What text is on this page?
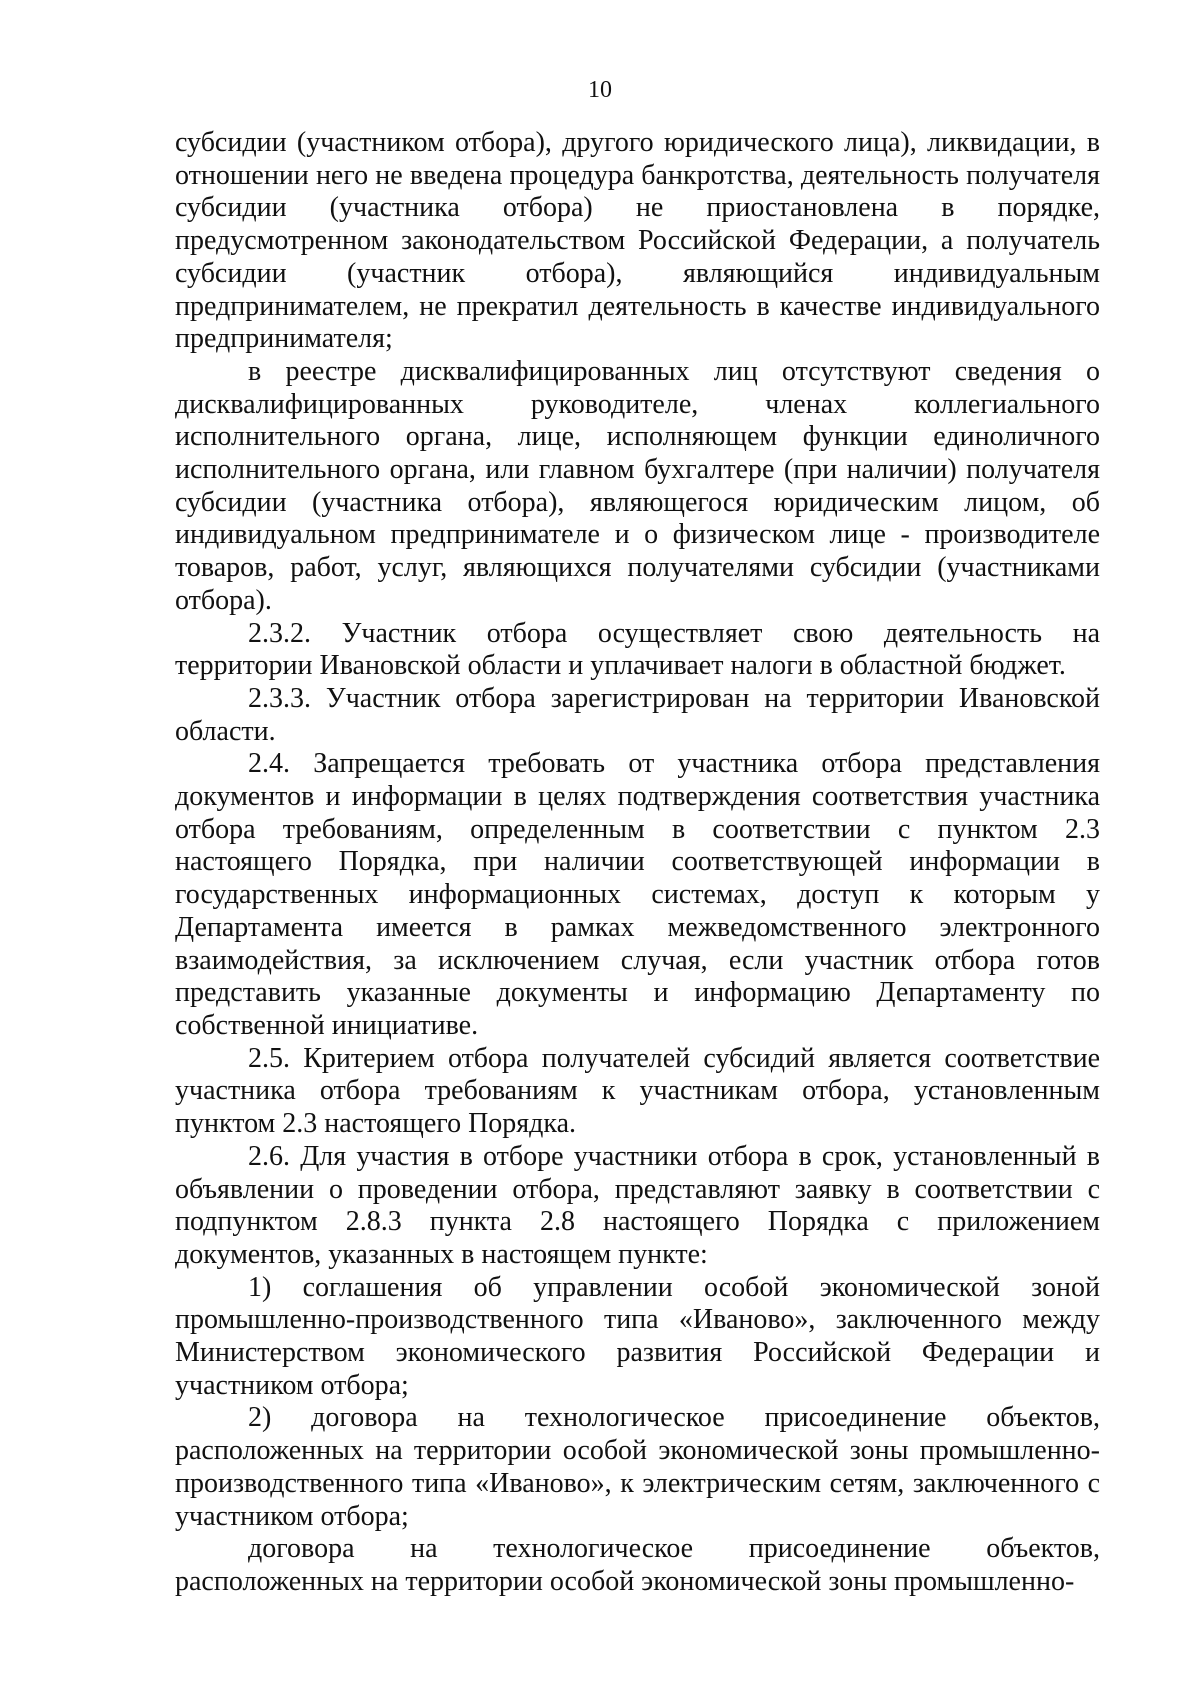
10

субсидии (участником отбора), другого юридического лица), ликвидации, в отношении него не введена процедура банкротства, деятельность получателя субсидии (участника отбора) не приостановлена в порядке, предусмотренном законодательством Российской Федерации, а получатель субсидии (участник отбора), являющийся индивидуальным предпринимателем, не прекратил деятельность в качестве индивидуального предпринимателя;

в реестре дисквалифицированных лиц отсутствуют сведения о дисквалифицированных руководителе, членах коллегиального исполнительного органа, лице, исполняющем функции единоличного исполнительного органа, или главном бухгалтере (при наличии) получателя субсидии (участника отбора), являющегося юридическим лицом, об индивидуальном предпринимателе и о физическом лице - производителе товаров, работ, услуг, являющихся получателями субсидии (участниками отбора).

2.3.2. Участник отбора осуществляет свою деятельность на территории Ивановской области и уплачивает налоги в областной бюджет.

2.3.3. Участник отбора зарегистрирован на территории Ивановской области.

2.4. Запрещается требовать от участника отбора представления документов и информации в целях подтверждения соответствия участника отбора требованиям, определенным в соответствии с пунктом 2.3 настоящего Порядка, при наличии соответствующей информации в государственных информационных системах, доступ к которым у Департамента имеется в рамках межведомственного электронного взаимодействия, за исключением случая, если участник отбора готов представить указанные документы и информацию Департаменту по собственной инициативе.

2.5. Критерием отбора получателей субсидий является соответствие участника отбора требованиям к участникам отбора, установленным пунктом 2.3 настоящего Порядка.

2.6. Для участия в отборе участники отбора в срок, установленный в объявлении о проведении отбора, представляют заявку в соответствии с подпунктом 2.8.3 пункта 2.8 настоящего Порядка с приложением документов, указанных в настоящем пункте:

1) соглашения об управлении особой экономической зоной промышленно-производственного типа «Иваново», заключенного между Министерством экономического развития Российской Федерации и участником отбора;

2) договора на технологическое присоединение объектов, расположенных на территории особой экономической зоны промышленно-производственного типа «Иваново», к электрическим сетям, заключенного с участником отбора;

договора на технологическое присоединение объектов, расположенных на территории особой экономической зоны промышленно-
